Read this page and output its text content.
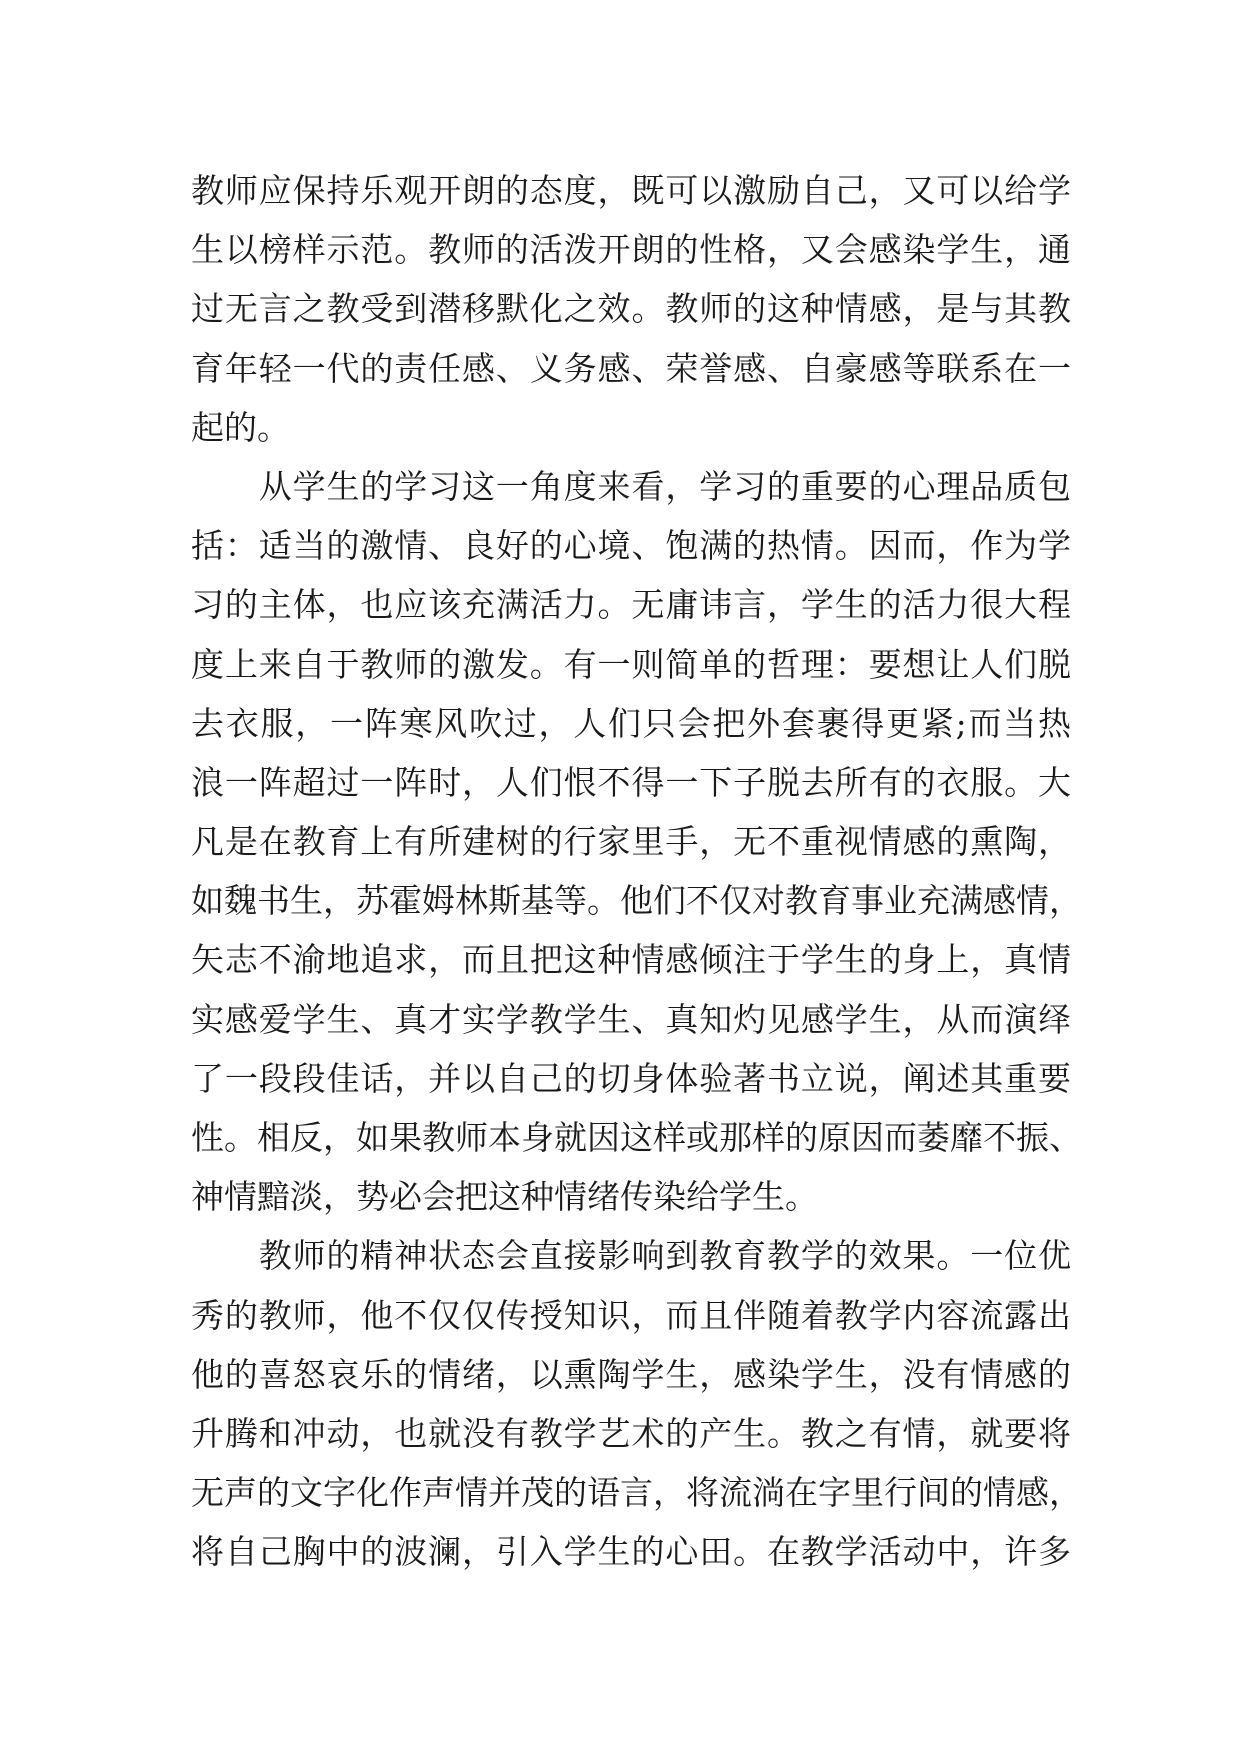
教师应保持乐观开朗的态度，既可以激励自己，又可以给学
生以榜样示范。教师的活泼开朗的性格，又会感染学生，通
过无言之教受到潜移默化之效。教师的这种情感，是与其教
育年轻一代的责任感、义务感、荣誉感、自豪感等联系在一
起的。
　　从学生的学习这一角度来看，学习的重要的心理品质包
括：适当的激情、良好的心境、饱满的热情。因而，作为学
习的主体，也应该充满活力。无庸讳言，学生的活力很大程
度上来自于教师的激发。有一则简单的哲理：要想让人们脱
去衣服，一阵寒风吹过，人们只会把外套裹得更紧;而当热
浪一阵超过一阵时，人们恨不得一下子脱去所有的衣服。大
凡是在教育上有所建树的行家里手，无不重视情感的熏陶，
如魏书生，苏霍姆林斯基等。他们不仅对教育事业充满感情，
矢志不渝地追求，而且把这种情感倾注于学生的身上，真情
实感爱学生、真才实学教学生、真知灼见感学生，从而演绎
了一段段佳话，并以自己的切身体验著书立说，阐述其重要
性。相反，如果教师本身就因这样或那样的原因而萎靡不振、
神情黯淡，势必会把这种情绪传染给学生。
　　教师的精神状态会直接影响到教育教学的效果。一位优
秀的教师，他不仅仅传授知识，而且伴随着教学内容流露出
他的喜怒哀乐的情绪，以熏陶学生，感染学生，没有情感的
升腾和冲动，也就没有教学艺术的产生。教之有情，就要将
无声的文字化作声情并茂的语言，将流淌在字里行间的情感，
将自己胸中的波澜，引入学生的心田。在教学活动中，许多
